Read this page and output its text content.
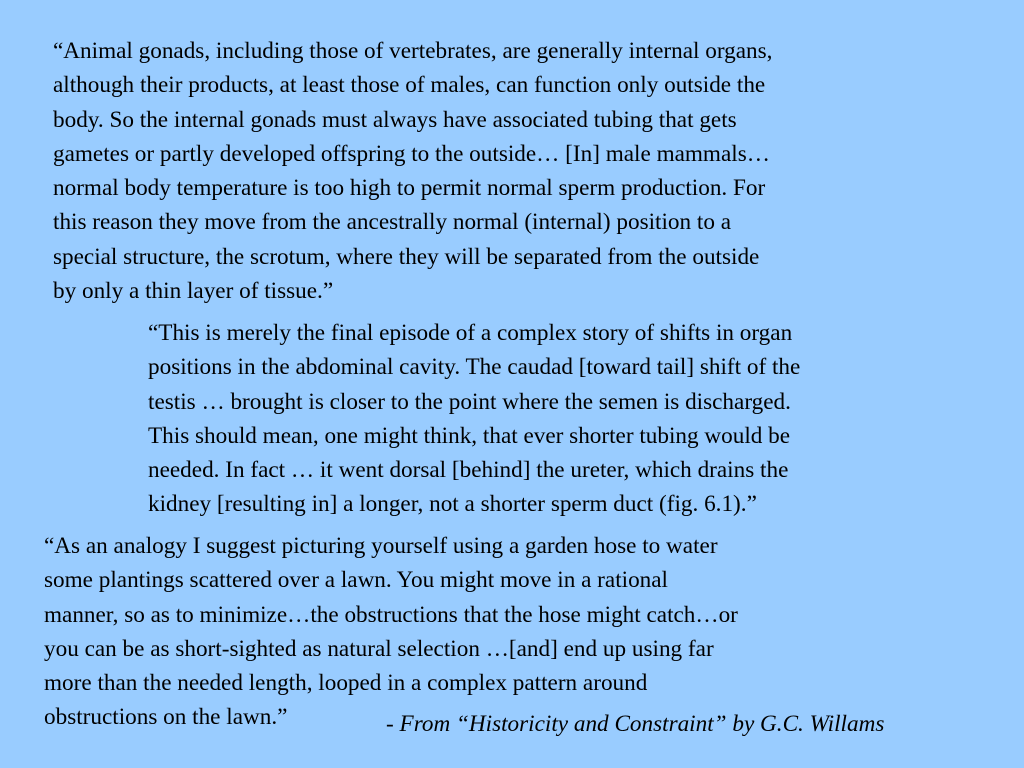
“Animal gonads, including those of vertebrates, are generally internal organs,
although their products, at least those of males, can function only outside the
body. So the internal gonads must always have associated tubing that gets
gametes or partly developed offspring to the outside… [In] male mammals…
normal body temperature is too high to permit normal sperm production. For
this reason they move from the ancestrally normal (internal) position to a
special structure, the scrotum, where they will be separated from the outside
by only a thin layer of tissue.”
“This is merely the final episode of a complex story of shifts in organ
positions in the abdominal cavity. The caudad [toward tail] shift of the
testis … brought is closer to the point where the semen is discharged.
This should mean, one might think, that ever shorter tubing would be
needed. In fact … it went dorsal [behind] the ureter, which drains the
kidney [resulting in] a longer, not a shorter sperm duct (fig. 6.1).”
“As an analogy I suggest picturing yourself using a garden hose to water
some plantings scattered over a lawn. You might move in a rational
manner, so as to minimize…the obstructions that the hose might catch…or
you can be as short-sighted as natural selection …[and] end up using far
more than the needed length, looped in a complex pattern around
obstructions on the lawn.”	- From “Historicity and Constraint” by G.C. Willams
